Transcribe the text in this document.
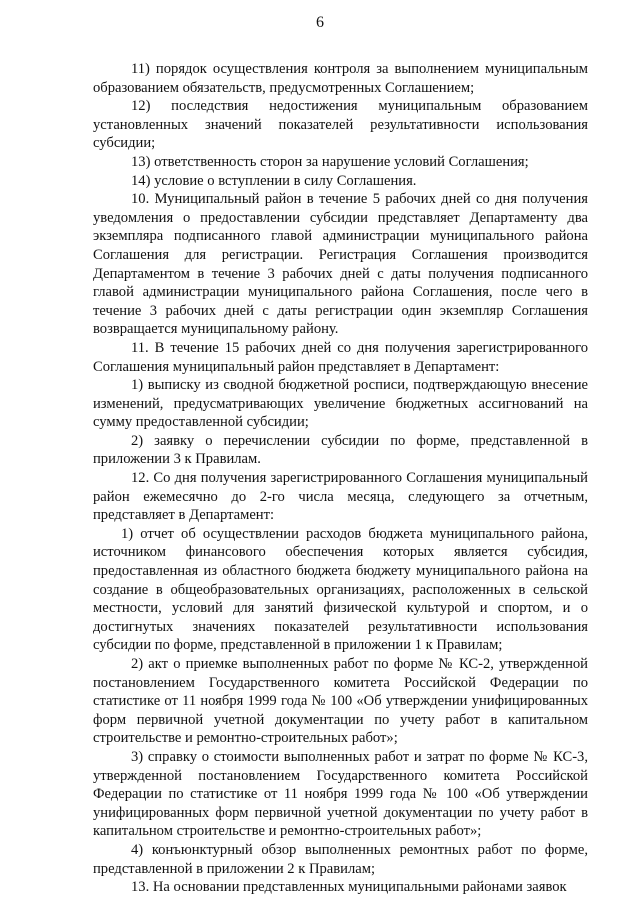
6

11) порядок осуществления контроля за выполнением муниципальным образованием обязательств, предусмотренных Соглашением;

12) последствия недостижения муниципальным образованием установленных значений показателей результативности использования субсидии;

13) ответственность сторон за нарушение условий Соглашения;

14) условие о вступлении в силу Соглашения.

10. Муниципальный район в течение 5 рабочих дней со дня получения уведомления о предоставлении субсидии представляет Департаменту два экземпляра подписанного главой администрации муниципального района Соглашения для регистрации. Регистрация Соглашения производится Департаментом в течение 3 рабочих дней с даты получения подписанного главой администрации муниципального района Соглашения, после чего в течение 3 рабочих дней с даты регистрации один экземпляр Соглашения возвращается муниципальному району.

11. В течение 15 рабочих дней со дня получения зарегистрированного Соглашения муниципальный район представляет в Департамент:

1) выписку из сводной бюджетной росписи, подтверждающую внесение изменений, предусматривающих увеличение бюджетных ассигнований на сумму предоставленной субсидии;

2) заявку о перечислении субсидии по форме, представленной в приложении 3 к Правилам.

12. Со дня получения зарегистрированного Соглашения муниципальный район ежемесячно до 2-го числа месяца, следующего за отчетным, представляет в Департамент:

1) отчет об осуществлении расходов бюджета муниципального района, источником финансового обеспечения которых является субсидия, предоставленная из областного бюджета бюджету муниципального района на создание в общеобразовательных организациях, расположенных в сельской местности, условий для занятий физической культурой и спортом, и о достигнутых значениях показателей результативности использования субсидии по форме, представленной в приложении 1 к Правилам;

2) акт о приемке выполненных работ по форме № КС-2, утвержденной постановлением Государственного комитета Российской Федерации по статистике от 11 ноября 1999 года № 100 «Об утверждении унифицированных форм первичной учетной документации по учету работ в капитальном строительстве и ремонтно-строительных работ»;

3) справку о стоимости выполненных работ и затрат по форме № КС-3, утвержденной постановлением Государственного комитета Российской Федерации по статистике от 11 ноября 1999 года № 100 «Об утверждении унифицированных форм первичной учетной документации по учету работ в капитальном строительстве и ремонтно-строительных работ»;

4) конъюнктурный обзор выполненных ремонтных работ по форме, представленной в приложении 2 к Правилам;

13. На основании представленных муниципальными районами заявок
